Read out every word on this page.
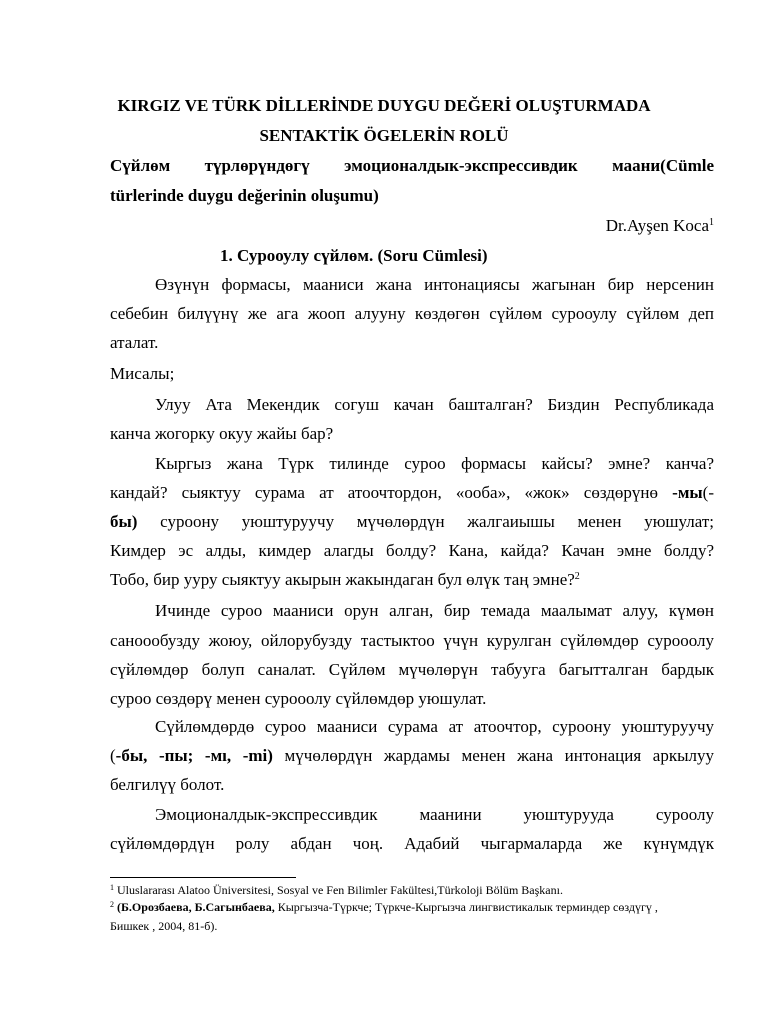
KIRGIZ VE TÜRK DİLLERİNDE DUYGU DEĞERİ OLUŞTURMADA
SENTAKTİK ÖGELERİN ROLÜ
Сүйлөм түрлөрүндөгү эмоционалдык-экспрессивдик маани(Cümle
türlerinde duygu değerinin oluşumu)
Dr.Ayşen Koca$^1$
1. Сурооулу сүйлөм. (Soru Cümlesi)
Өзүнүн формасы, мааниси жана интонациясы жагынан бир нерсенин
себебин билүүнү же ага жооп алууну көздөгөн сүйлөм сурооулу сүйлөм деп
аталат.
Мисалы;
Улуу Ата Мекендик согуш качан башталган? Биздин Республикада
канча жогорку окуу жайы бар?
Кыргыз жана Түрк тилинде суроо формасы кайсы? эмне? канча?
кандай? сыяктуу сурама ат атоочтордон, «ооба», «жок» сөздөрүнө -мы(-
бы) суроону уюштуруучу мүчөлөрдүн жалгаиышы менен уюшулат;
Кимдер эс алды, кимдер алагды болду? Кана, кайда? Качан эмне болду?
Тобо, бир ууру сыяктуу акырын жакындаган бул өлүк таң эмне?$^2$
Ичинде суроо мааниси орун алган, бир темада маалымат алуу, күмөн
саноообузду жоюу, ойлорубузду тастыктоо үчүн курулган сүйлөмдөр сурооолу
сүйлөмдөр болуп саналат. Сүйлөм мүчөлөрүн табууга багытталган бардык
суроо сөздөрү менен сурооолу сүйлөмдөр уюшулат.
Сүйлөмдөрдө суроо мааниси сурама ат атоочтор, суроону уюштуруучу
(-бы, -пы; -мı, -mi) мүчөлөрдүн жардамы менен жана интонация аркылуу
белгилүү болот.
Эмоционалдык-экспрессивдик маанини уюштурууда суроолу
сүйлөмдөрдүн ролу абдан чоң. Адабий чыгармаларда же күнүмдүк
$^1$ Uluslararası Alatoo Üniversitesi, Sosyal ve Fen Bilimler Fakültesi,Türkoloji Bölüm Başkanı.
$^2$ (Б.Орозбаева, Б.Сагынбаева, Кыргызча-Түркче; Түркче-Кыргызча лингвистикалык терминдер сөздүгү ,
Бишкек , 2004, 81-б).
